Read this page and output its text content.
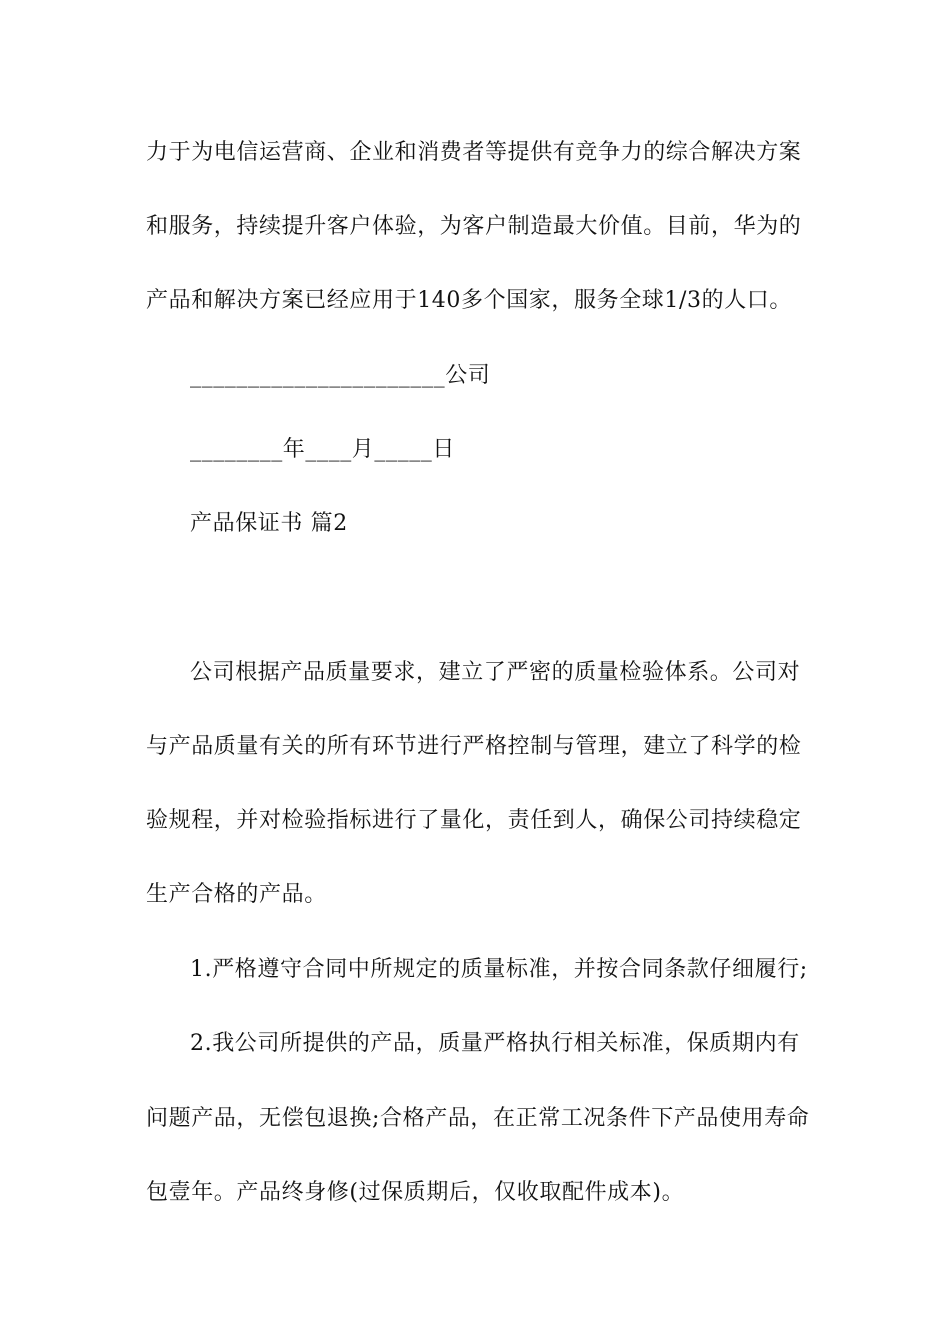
力于为电信运营商、企业和消费者等提供有竞争力的综合解决方案
和服务，持续提升客户体验，为客户制造最大价值。目前，华为的
产品和解决方案已经应用于140多个国家，服务全球1/3的人口。
______________________公司
________年____月_____日
产品保证书 篇2
公司根据产品质量要求，建立了严密的质量检验体系。公司对
与产品质量有关的所有环节进行严格控制与管理，建立了科学的检
验规程，并对检验指标进行了量化，责任到人，确保公司持续稳定
生产合格的产品。
1.严格遵守合同中所规定的质量标准，并按合同条款仔细履行;
2.我公司所提供的产品，质量严格执行相关标准，保质期内有
问题产品，无偿包退换;合格产品，在正常工况条件下产品使用寿命
包壹年。产品终身修(过保质期后，仅收取配件成本)。
